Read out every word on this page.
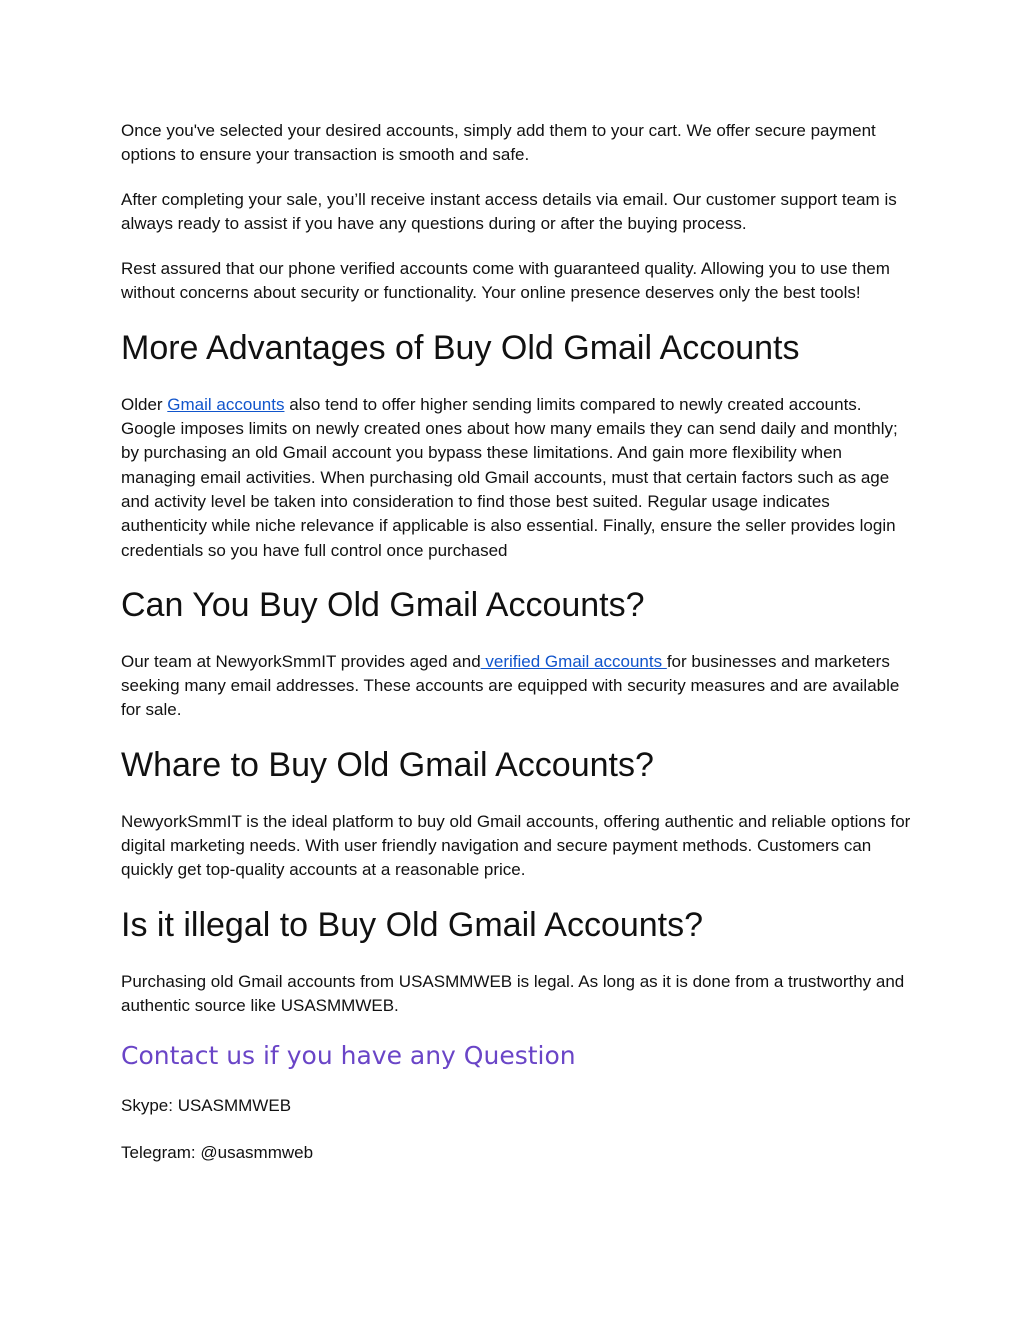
Once you've selected your desired accounts, simply add them to your cart. We offer secure payment options to ensure your transaction is smooth and safe.

After completing your sale, you’ll receive instant access details via email. Our customer support team is always ready to assist if you have any questions during or after the buying process.

Rest assured that our phone verified accounts come with guaranteed quality. Allowing you to use them without concerns about security or functionality. Your online presence deserves only the best tools!

More Advantages of Buy Old Gmail Accounts

Older Gmail accounts also tend to offer higher sending limits compared to newly created accounts. Google imposes limits on newly created ones about how many emails they can send daily and monthly; by purchasing an old Gmail account you bypass these limitations. And gain more flexibility when managing email activities. When purchasing old Gmail accounts, must that certain factors such as age and activity level be taken into consideration to find those best suited. Regular usage indicates authenticity while niche relevance if applicable is also essential. Finally, ensure the seller provides login credentials so you have full control once purchased

Can You Buy Old Gmail Accounts?

Our team at NewyorkSmmIT provides aged and verified Gmail accounts for businesses and marketers seeking many email addresses. These accounts are equipped with security measures and are available for sale.

Whare to Buy Old Gmail Accounts?

NewyorkSmmIT is the ideal platform to buy old Gmail accounts, offering authentic and reliable options for digital marketing needs. With user friendly navigation and secure payment methods. Customers can quickly get top-quality accounts at a reasonable price.

Is it illegal to Buy Old Gmail Accounts?

Purchasing old Gmail accounts from USASMMWEB is legal. As long as it is done from a trustworthy and authentic source like USASMMWEB.

Contact us if you have any Question

Skype: USASMMWEB

Telegram: @usasmmweb
